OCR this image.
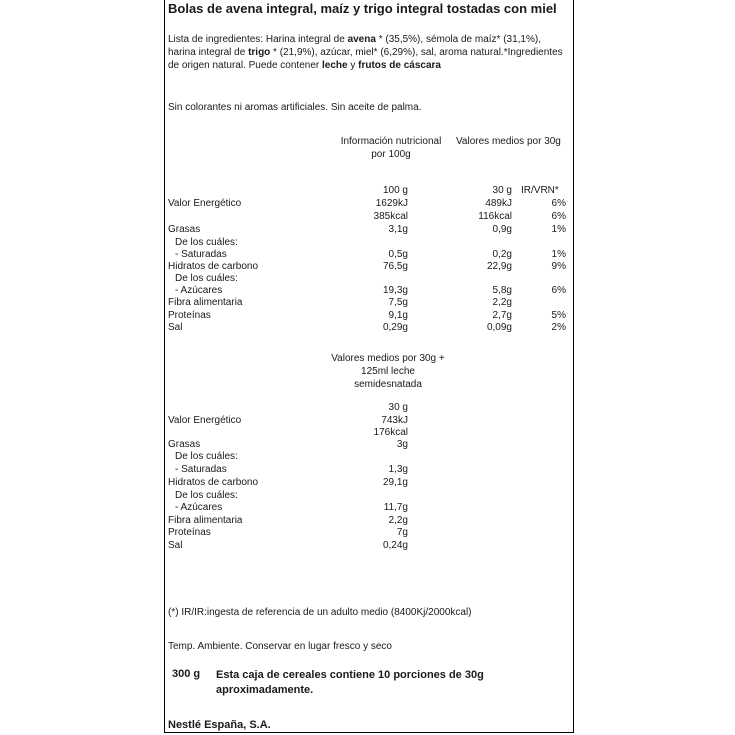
Bolas de avena integral, maíz y trigo integral tostadas con miel
Lista de ingredientes: Harina integral de avena * (35,5%), sémola de maíz* (31,1%), harina integral de trigo * (21,9%), azúcar, miel* (6,29%), sal, aroma natural.*Ingredientes de origen natural. Puede contener leche y frutos de cáscara
Sin colorantes ni aromas artificiales. Sin aceite de palma.
Información nutricional por 100g
Valores medios por 30g
100 g	30 g IR/VRN*
Valor Energético	1629kJ	489kJ	6%
385kcal	116kcal	6%
Grasas	3,1g	0,9g	1%
De los cuáles:
- Saturadas	0,5g	0,2g	1%
Hidratos de carbono	76,5g	22,9g	9%
De los cuáles:
- Azúcares	19,3g	5,8g	6%
Fibra alimentaria	7,5g	2,2g
Proteínas	9,1g	2,7g	5%
Sal	0,29g	0,09g	2%
Valores medios por 30g +
125ml leche
semidesnatada
30 g
Valor Energético	743kJ
176kcal
Grasas	3g
De los cuáles:
- Saturadas	1,3g
Hidratos de carbono	29,1g
De los cuáles:
- Azúcares	11,7g
Fibra alimentaria	2,2g
Proteínas	7g
Sal	0,24g
(*) IR/IR:ingesta de referencia de un adulto medio (8400Kj/2000kcal)
Temp. Ambiente. Conservar en lugar fresco y seco
300 g Esta caja de cereales contiene 10 porciones de 30g aproximadamente.
Nestlé España, S.A.
